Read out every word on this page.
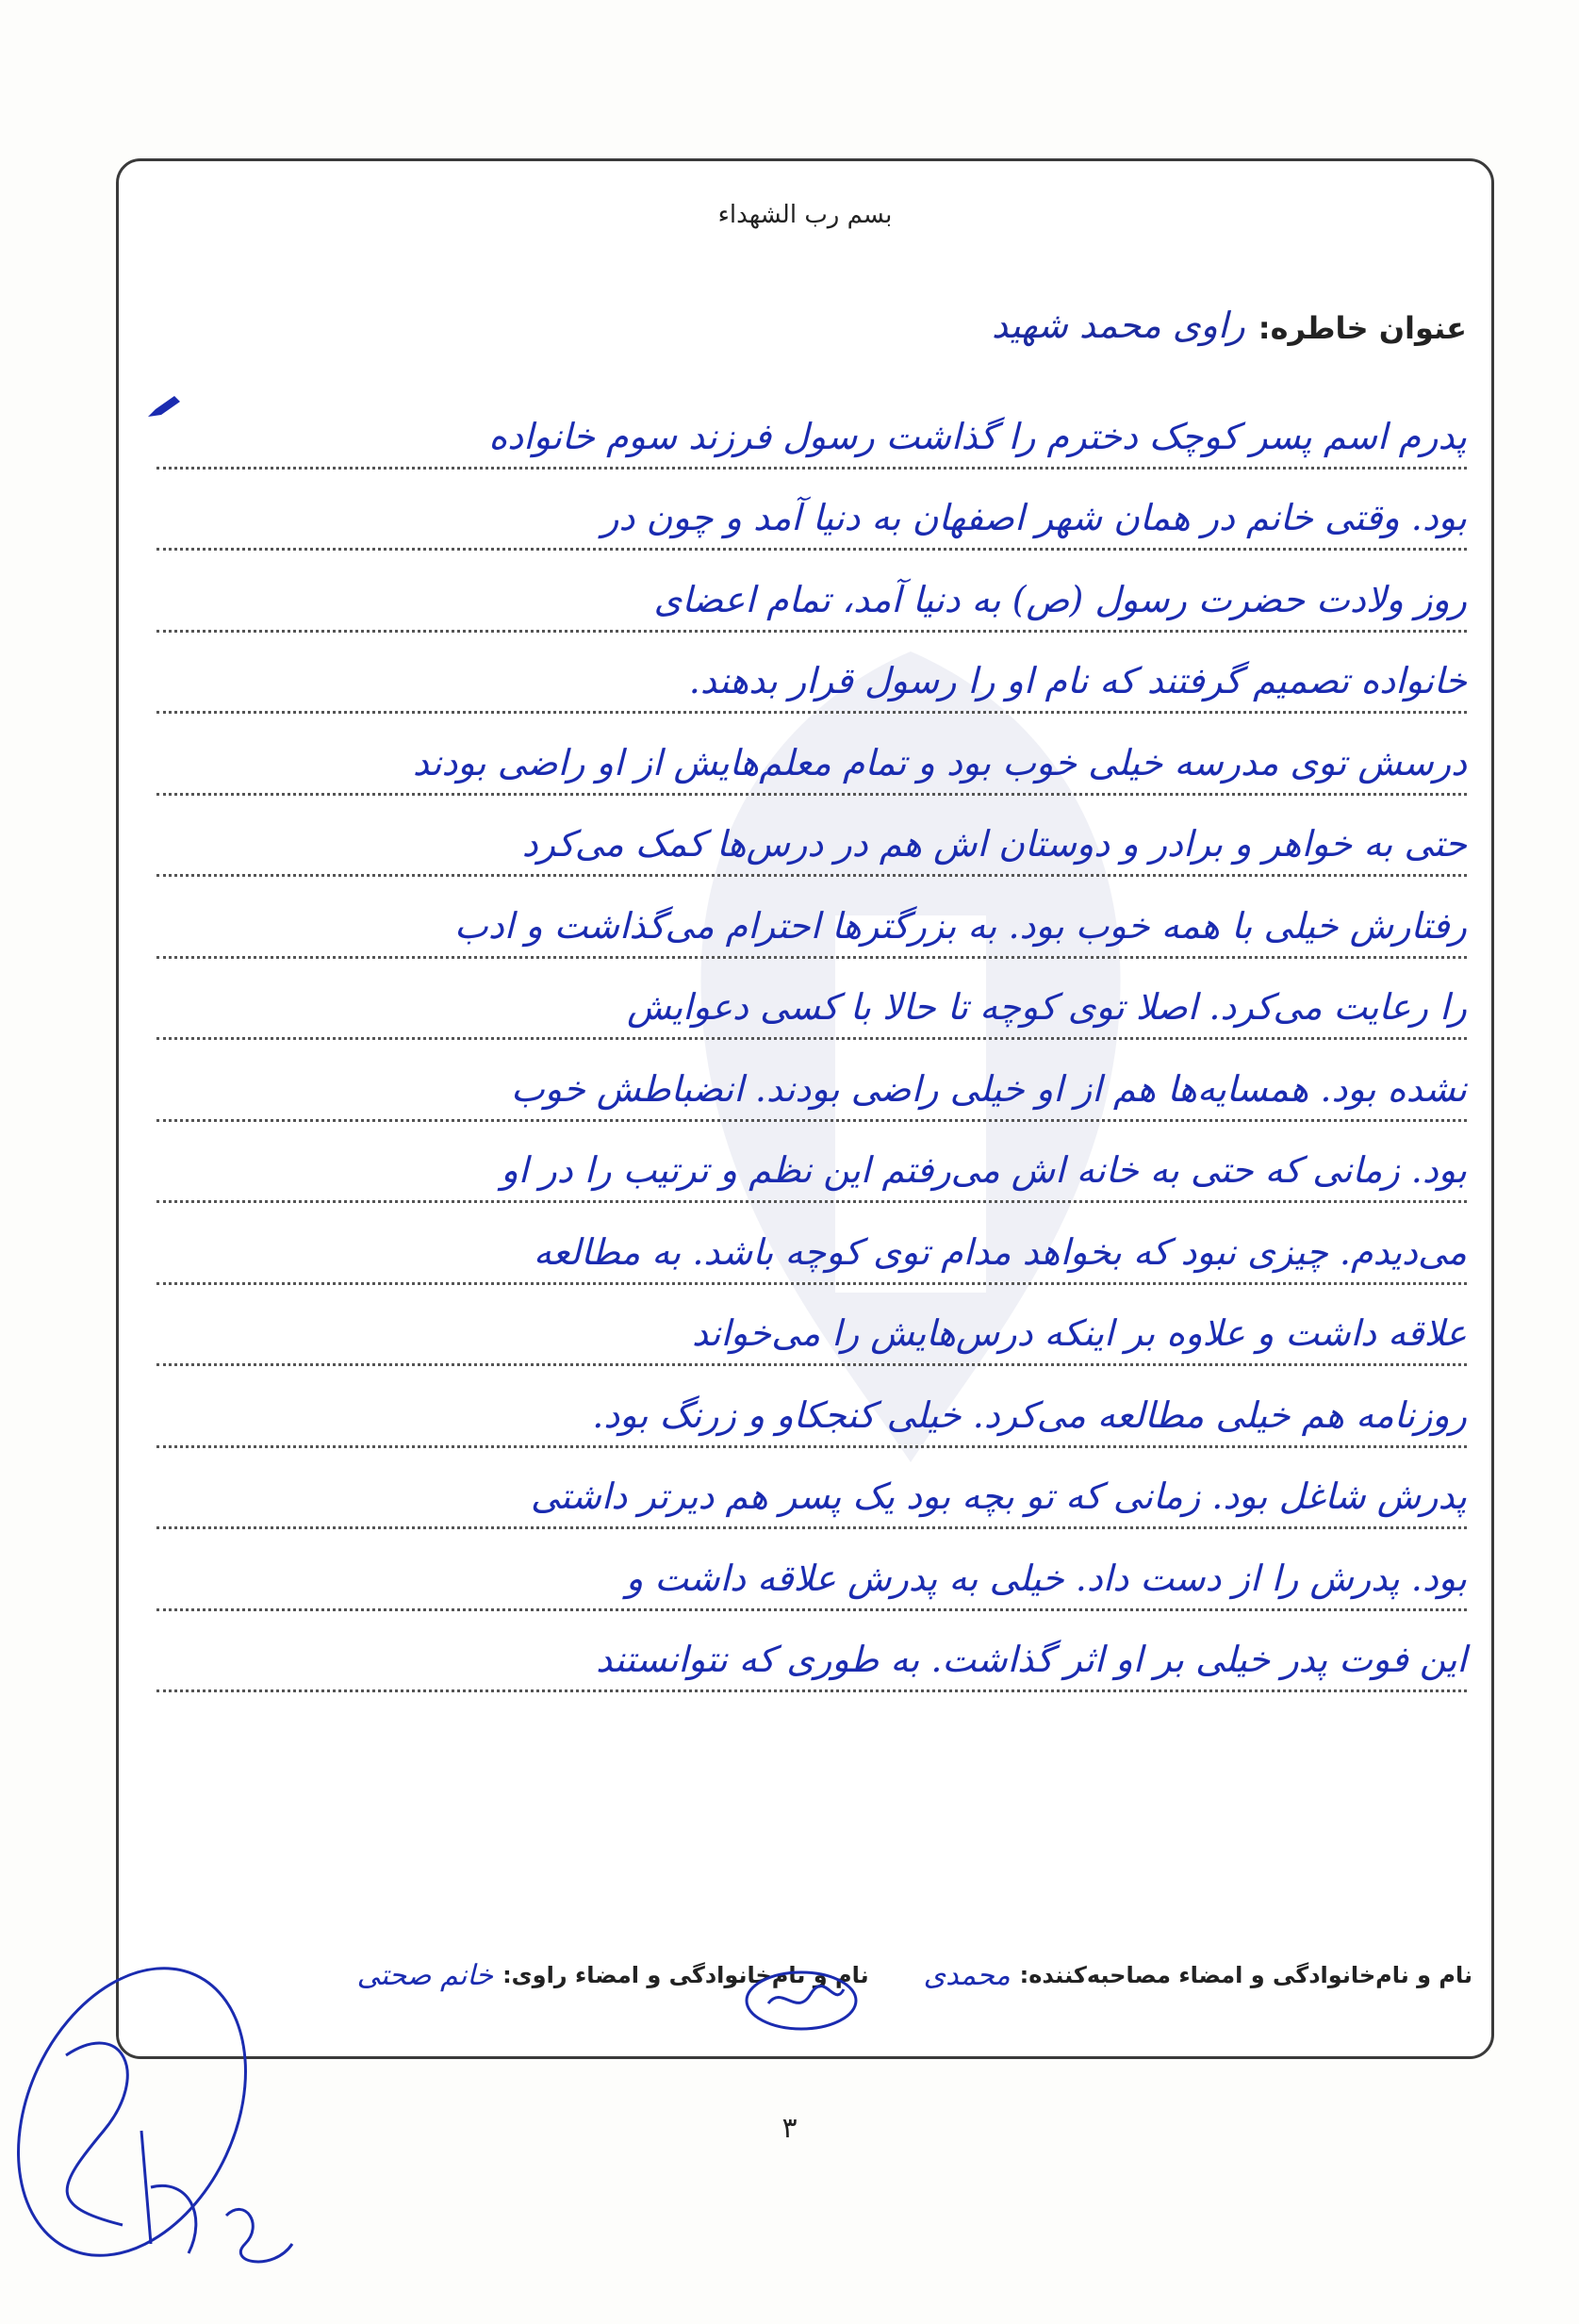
بسم رب الشهداء
عنوان خاطره:
راوی محمد شهید
پدرم اسم پسر کوچک دخترم را گذاشت رسول فرزند سوم خانواده
بود. وقتی خانم در همان شهر اصفهان به دنیا آمد و چون در
روز ولادت حضرت رسول (ص) به دنیا آمد، تمام اعضای
خانواده تصمیم گرفتند که نام او را رسول قرار بدهند.
درسش توی مدرسه خیلی خوب بود و تمام معلم‌هایش از او راضی بودند
حتی به خواهر و برادر و دوستان اش هم در درس‌ها کمک می‌کرد
رفتارش خیلی با همه خوب بود. به بزرگترها احترام می‌گذاشت و ادب
را رعایت می‌کرد. اصلا توی کوچه تا حالا با کسی دعوایش
نشده بود. همسایه‌ها هم از او خیلی راضی بودند. انضباطش خوب
بود. زمانی که حتی به خانه اش می‌رفتم این نظم و ترتیب را در او
می‌دیدم. چیزی نبود که بخواهد مدام توی کوچه باشد. به مطالعه
علاقه داشت و علاوه بر اینکه درس‌هایش را می‌خواند
روزنامه هم خیلی مطالعه می‌کرد. خیلی کنجکاو و زرنگ بود.
پدرش شاغل بود. زمانی که تو بچه بود یک پسر هم دیرتر داشتی
بود. پدرش را از دست داد. خیلی به پدرش علاقه داشت و
این فوت پدر خیلی بر او اثر گذاشت. به طوری که نتوانستند
نام و نام‌خانوادگی و امضاء مصاحبه‌کننده:
محمدی
نام و نام‌خانوادگی و امضاء راوی:
خانم صحتی
۳
